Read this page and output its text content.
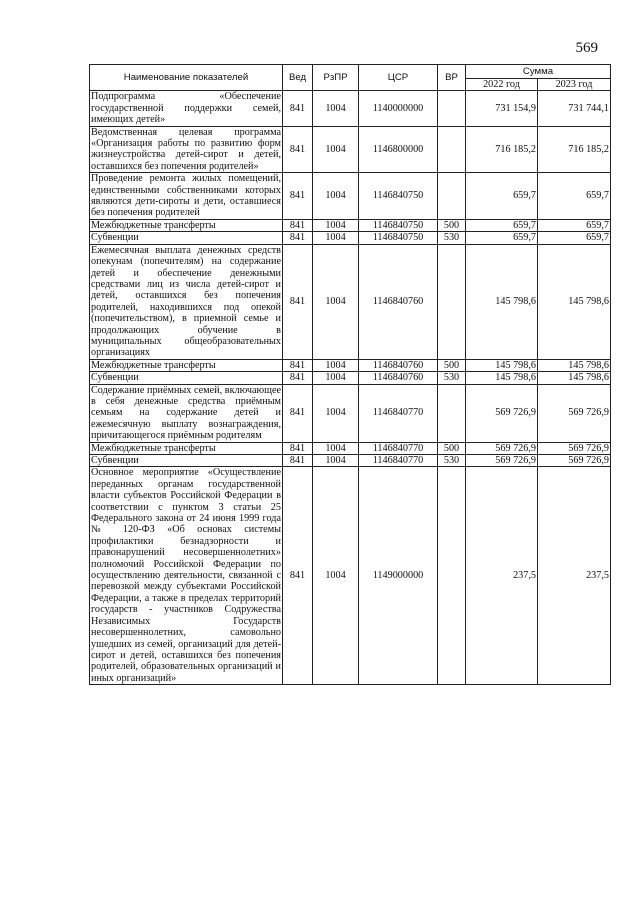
569
Наименование показателей	Вед	РзПР	ЦСР	ВР	Сумма	
					2022 год	2023 год
Подпрограмма «Обеспечение государственной поддержки семей, имеющих детей»	841	1004	1140000000		731 154,9	731 744,1
Ведомственная целевая программа «Организация работы по развитию форм жизнеустройства детей-сирот и детей, оставшихся без попечения родителей»	841	1004	1146800000		716 185,2	716 185,2
Проведение ремонта жилых помещений, единственными собственниками которых являются дети-сироты и дети, оставшиеся без попечения родителей	841	1004	1146840750		659,7	659,7
Межбюджетные трансферты	841	1004	1146840750	500	659,7	659,7
Субвенции	841	1004	1146840750	530	659,7	659,7
Ежемесячная выплата денежных средств опекунам (попечителям) на содержание детей и обеспечение денежными средствами лиц из числа детей-сирот и детей, оставшихся без попечения родителей, находившихся под опекой (попечительством), в приемной семье и продолжающих обучение в муниципальных общеобразовательных организациях	841	1004	1146840760		145 798,6	145 798,6
Межбюджетные трансферты	841	1004	1146840760	500	145 798,6	145 798,6
Субвенции	841	1004	1146840760	530	145 798,6	145 798,6
Содержание приёмных семей, включающее в себя денежные средства приёмным семьям на содержание детей и ежемесячную выплату вознаграждения, причитающегося приёмным родителям	841	1004	1146840770		569 726,9	569 726,9
Межбюджетные трансферты	841	1004	1146840770	500	569 726,9	569 726,9
Субвенции	841	1004	1146840770	530	569 726,9	569 726,9
Основное мероприятие «Осуществление переданных органам государственной власти субъектов Российской Федерации в соответствии с пунктом 3 статьи 25 Федерального закона от 24 июня 1999 года № 120-ФЗ «Об основах системы профилактики безнадзорности и правонарушений несовершеннолетних» полномочий Российской Федерации по осуществлению деятельности, связанной с перевозкой между субъектами Российской Федерации, а также в пределах территорий государств - участников Содружества Независимых Государств несовершеннолетних, самовольно ушедших из семей, организаций для детей-сирот и детей, оставшихся без попечения родителей, образовательных организаций и иных организаций»	841	1004	1149000000		237,5	237,5
